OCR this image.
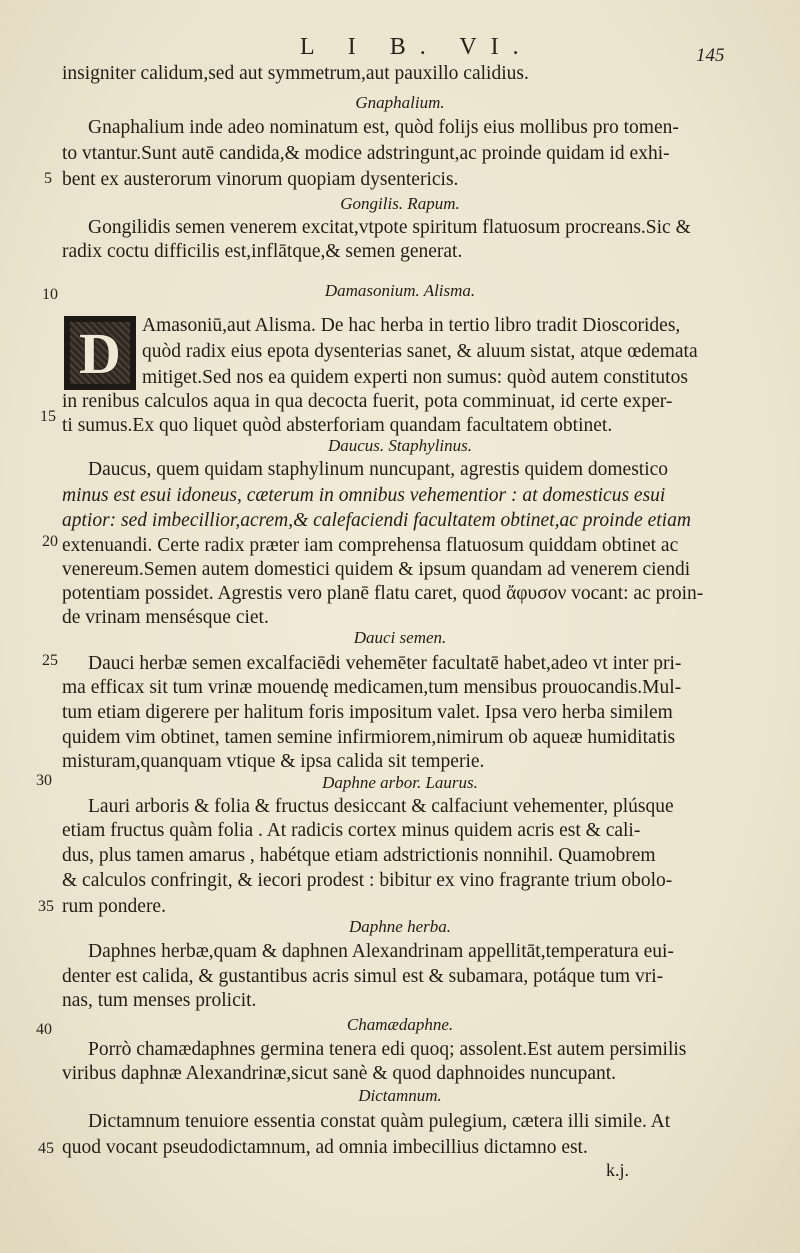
L I B. VI.	145
5
10
15
20
25
30
35
40
45
D
insigniter calidum,sed aut symmetrum,aut pauxillo calidius.
Gnaphalium.
Gnaphalium inde adeo nominatum est, quòd folijs eius mollibus pro tomen-
to vtantur.Sunt autē candida,& modice adstringunt,ac proinde quidam id exhi-
bent ex austerorum vinorum quopiam dysentericis.
Gongilis. Rapum.
Gongilidis semen venerem excitat,vtpote spiritum flatuosum procreans.Sic &
radix coctu difficilis est,inflātque,& semen generat.
Damasonium. Alisma.
Amasoniū,aut Alisma. De hac herba in tertio libro tradit Dioscorides,
quòd radix eius epota dysenterias sanet, & aluum sistat, atque œdemata
mitiget.Sed nos ea quidem experti non sumus: quòd autem constitutos
in renibus calculos aqua in qua decocta fuerit, pota comminuat, id certe exper-
ti sumus.Ex quo liquet quòd absterforiam quandam facultatem obtinet.
Daucus. Staphylinus.
Daucus, quem quidam staphylinum nuncupant, agrestis quidem domestico
minus est esui idoneus, cæterum in omnibus vehementior : at domesticus esui
aptior: sed imbecillior,acrem,& calefaciendi facultatem obtinet,ac proinde etiam
extenuandi. Certe radix præter iam comprehensa flatuosum quiddam obtinet ac
venereum.Semen autem domestici quidem & ipsum quandam ad venerem ciendi
potentiam possidet. Agrestis vero planē flatu caret, quod ἄφυσον vocant: ac proin-
de vrinam mensésque ciet.
Dauci semen.
Dauci herbæ semen excalfaciēdi vehemēter facultatē habet,adeo vt inter pri-
ma efficax sit tum vrinæ mouendę medicamen,tum mensibus prouocandis.Mul-
tum etiam digerere per halitum foris impositum valet. Ipsa vero herba similem
quidem vim obtinet, tamen semine infirmiorem,nimirum ob aqueæ humiditatis
misturam,quanquam vtique & ipsa calida sit temperie.
Daphne arbor. Laurus.
Lauri arboris & folia & fructus desiccant & calfaciunt vehementer, plúsque
etiam fructus quàm folia . At radicis cortex minus quidem acris est & cali-
dus, plus tamen amarus , habétque etiam adstrictionis nonnihil. Quamobrem
& calculos confringit, & iecori prodest : bibitur ex vino fragrante trium obolo-
rum pondere.
Daphne herba.
Daphnes herbæ,quam & daphnen Alexandrinam appellitāt,temperatura eui-
denter est calida, & gustantibus acris simul est & subamara, potáque tum vri-
nas, tum menses prolicit.
Chamædaphne.
Porrò chamædaphnes germina tenera edi quoq; assolent.Est autem persimilis
viribus daphnæ Alexandrinæ,sicut sanè & quod daphnoides nuncupant.
Dictamnum.
Dictamnum tenuiore essentia constat quàm pulegium, cætera illi simile. At
quod vocant pseudodictamnum, ad omnia imbecillius dictamno est.
k.j.
